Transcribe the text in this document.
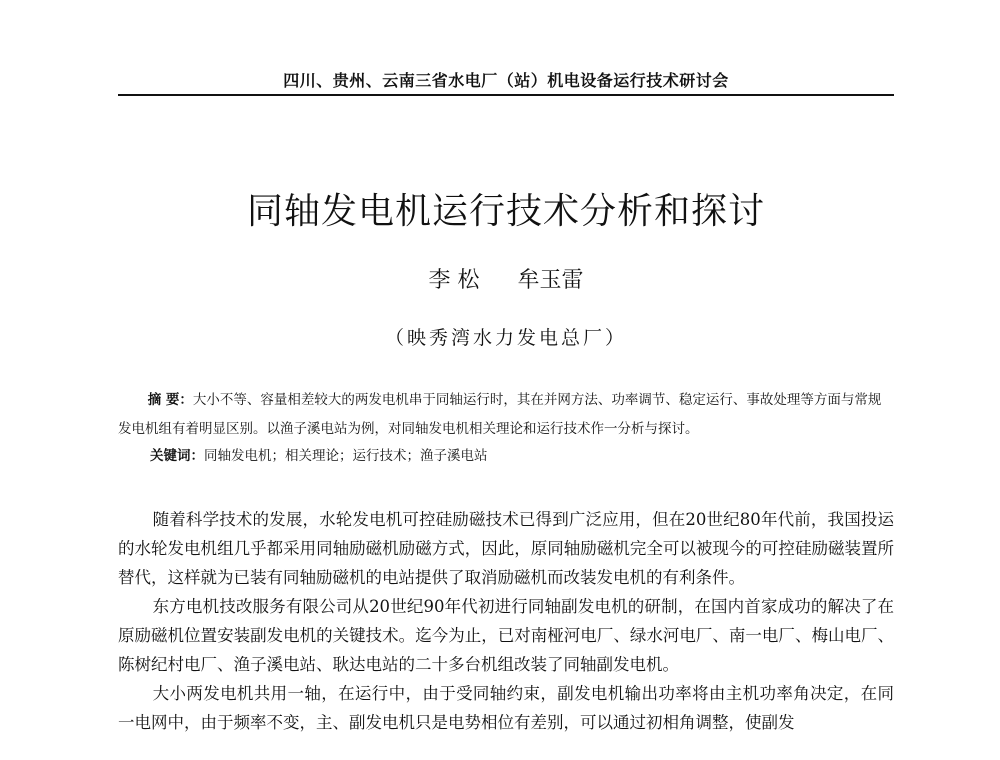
四川、贵州、云南三省水电厂（站）机电设备运行技术研讨会
同轴发电机运行技术分析和探讨
李 松 牟玉雷
（映秀湾水力发电总厂）

摘 要：大小不等、容量相差较大的两发电机串于同轴运行时，其在并网方法、功率调节、稳定运行、事故处理等方面与常规发电机组有着明显区别。以渔子溪电站为例，对同轴发电机相关理论和运行技术作一分析与探讨。

关键词：同轴发电机；相关理论；运行技术；渔子溪电站

随着科学技术的发展，水轮发电机可控硅励磁技术已得到广泛应用，但在20世纪80年代前，我国投运的水轮发电机组几乎都采用同轴励磁机励磁方式，因此，原同轴励磁机完全可以被现今的可控硅励磁装置所替代，这样就为已装有同轴励磁机的电站提供了取消励磁机而改装发电机的有利条件。

东方电机技改服务有限公司从20世纪90年代初进行同轴副发电机的研制，在国内首家成功的解决了在原励磁机位置安装副发电机的关键技术。迄今为止，已对南桠河电厂、绿水河电厂、南一电厂、梅山电厂、陈树纪村电厂、渔子溪电站、耿达电站的二十多台机组改装了同轴副发电机。

大小两发电机共用一轴，在运行中，由于受同轴约束，副发电机输出功率将由主机功率角决定，在同一电网中，由于频率不变，主、副发电机只是电势相位有差别，可以通过初相角调整，使副发
